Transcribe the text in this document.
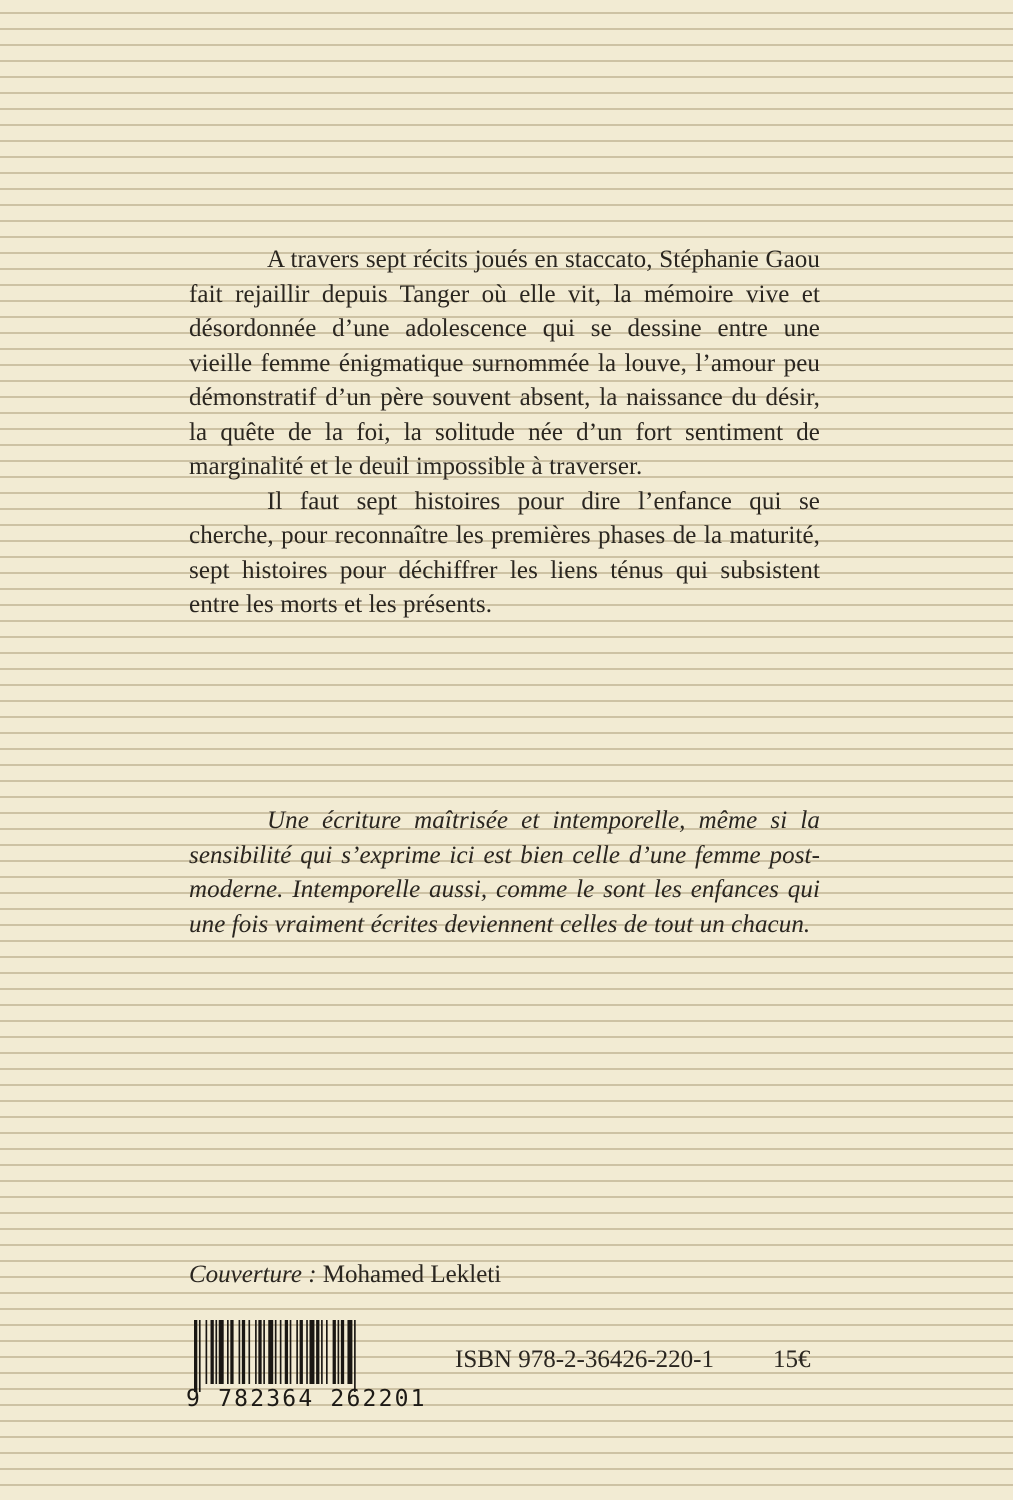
A travers sept récits joués en staccato, Stéphanie Gaou fait rejaillir depuis Tanger où elle vit, la mémoire vive et désordonnée d’une adolescence qui se dessine entre une vieille femme énigmatique surnommée la louve, l’amour peu démonstratif d’un père souvent absent, la naissance du désir, la quête de la foi, la solitude née d’un fort sentiment de marginalité et le deuil impossible à traverser.

Il faut sept histoires pour dire l’enfance qui se cherche, pour reconnaître les premières phases de la maturité, sept histoires pour déchiffrer les liens ténus qui subsistent entre les morts et les présents.

Une écriture maîtrisée et intemporelle, même si la sensibilité qui s’exprime ici est bien celle d’une femme post-moderne. Intemporelle aussi, comme le sont les enfances qui une fois vraiment écrites deviennent celles de tout un chacun.

Couverture : Mohamed Lekleti
9 782364 262201
ISBN 978-2-36426-220-1 15€
